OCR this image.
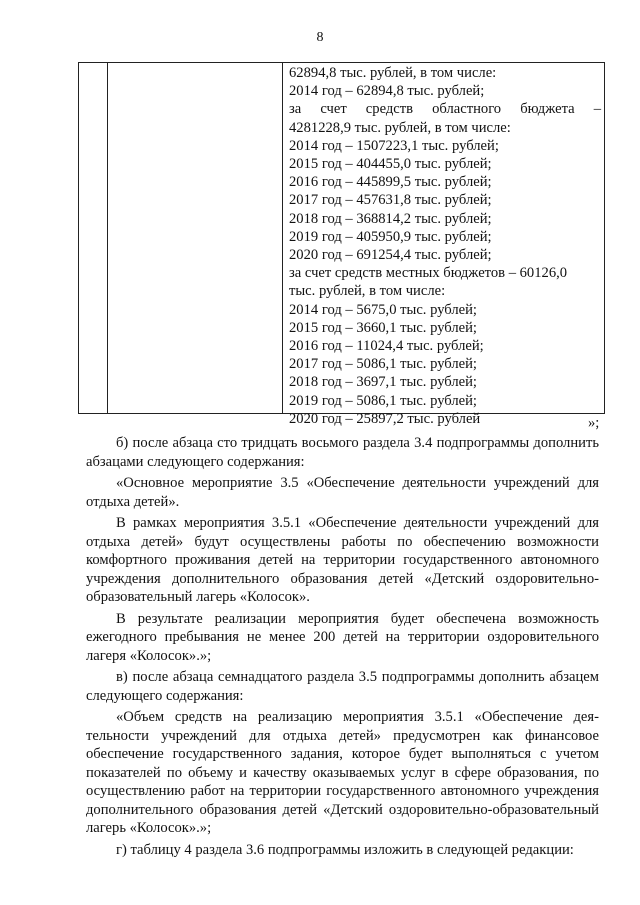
8

62894,8 тыс. рублей, в том числе:

2014 год – 62894,8 тыс. рублей;

за счет средств областного бюджета –

4281228,9 тыс. рублей, в том числе:

2014 год – 1507223,1 тыс. рублей;

2015 год – 404455,0 тыс. рублей;

2016 год – 445899,5 тыс. рублей;

2017 год – 457631,8 тыс. рублей;

2018 год – 368814,2 тыс. рублей;

2019 год – 405950,9 тыс. рублей;

2020 год – 691254,4 тыс. рублей;

за счет средств местных бюджетов – 60126,0

тыс. рублей, в том числе:

2014 год – 5675,0 тыс. рублей;

2015 год – 3660,1 тыс. рублей;

2016 год – 11024,4 тыс. рублей;

2017 год – 5086,1 тыс. рублей;

2018 год – 3697,1 тыс. рублей;

2019 год – 5086,1 тыс. рублей;

2020 год – 25897,2 тыс. рублей	»;

б) после абзаца сто тридцать восьмого раздела 3.4 подпрограммы дополнить абзацами следующего содержания:

«Основное мероприятие 3.5 «Обеспечение деятельности учреждений для отдыха детей».

В рамках мероприятия 3.5.1 «Обеспечение деятельности учреждений для отдыха детей» будут осуществлены работы по обеспечению возможности комфортного проживания детей на территории государственного автономного учреждения дополнительного образования детей «Детский оздоровительно-образовательный лагерь «Колосок».

В результате реализации мероприятия будет обеспечена возможность ежегодного пребывания не менее 200 детей на территории оздоровительного лагеря «Колосок».»;

в) после абзаца семнадцатого раздела 3.5 подпрограммы дополнить абзацем следующего содержания:

«Объем средств на реализацию мероприятия 3.5.1 «Обеспечение деятельности учреждений для отдыха детей» предусмотрен как финансовое обеспечение государственного задания, которое будет выполняться с учетом показателей по объему и качеству оказываемых услуг в сфере образования, по осуществлению работ на территории государственного автономного учреждения дополнительного образования детей «Детский оздоровительно-образовательный лагерь «Колосок».»;

г) таблицу 4 раздела 3.6 подпрограммы изложить в следующей редакции:
